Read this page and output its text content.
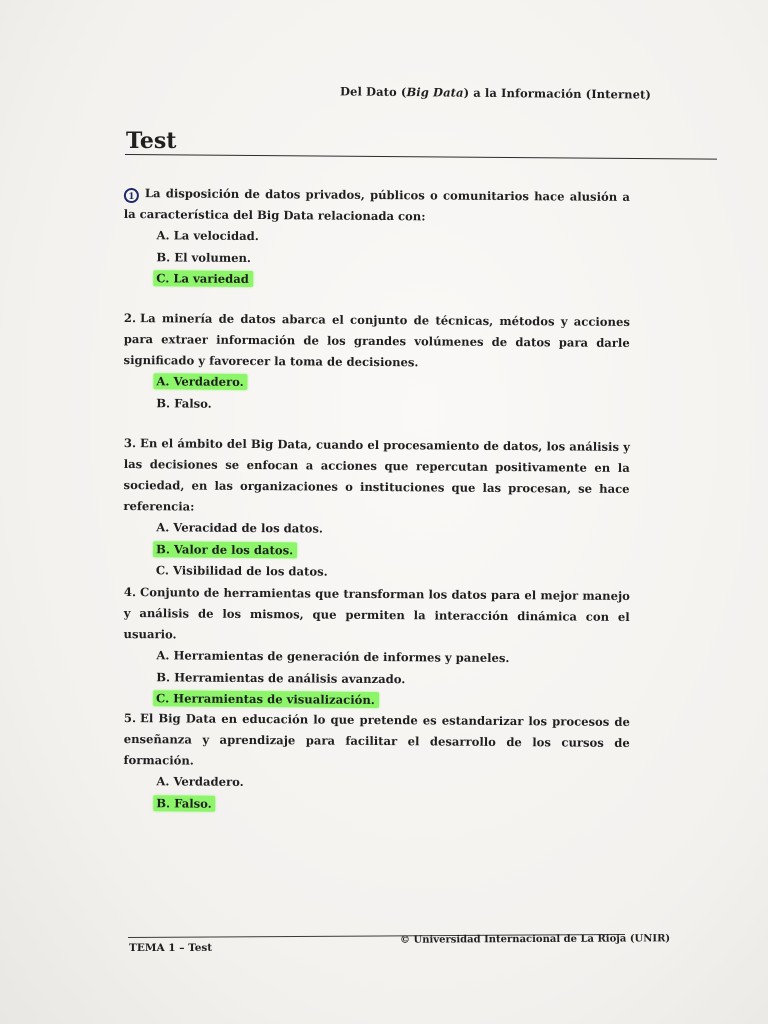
Del Dato (Big Data) a la Información (Internet)
Test
1 La disposición de datos privados, públicos o comunitarios hace alusión a la característica del Big Data relacionada con:
A. La velocidad.
B. El volumen.
C. La variedad
2. La minería de datos abarca el conjunto de técnicas, métodos y acciones para extraer información de los grandes volúmenes de datos para darle significado y favorecer la toma de decisiones.
A. Verdadero.
B. Falso.
3. En el ámbito del Big Data, cuando el procesamiento de datos, los análisis y las decisiones se enfocan a acciones que repercutan positivamente en la sociedad, en las organizaciones o instituciones que las procesan, se hace referencia:
A. Veracidad de los datos.
B. Valor de los datos.
C. Visibilidad de los datos.
4. Conjunto de herramientas que transforman los datos para el mejor manejo y análisis de los mismos, que permiten la interacción dinámica con el usuario.
A. Herramientas de generación de informes y paneles.
B. Herramientas de análisis avanzado.
C. Herramientas de visualización.
5. El Big Data en educación lo que pretende es estandarizar los procesos de enseñanza y aprendizaje para facilitar el desarrollo de los cursos de formación.
A. Verdadero.
B. Falso.
TEMA 1 – Test
© Universidad Internacional de La Rioja (UNIR)
